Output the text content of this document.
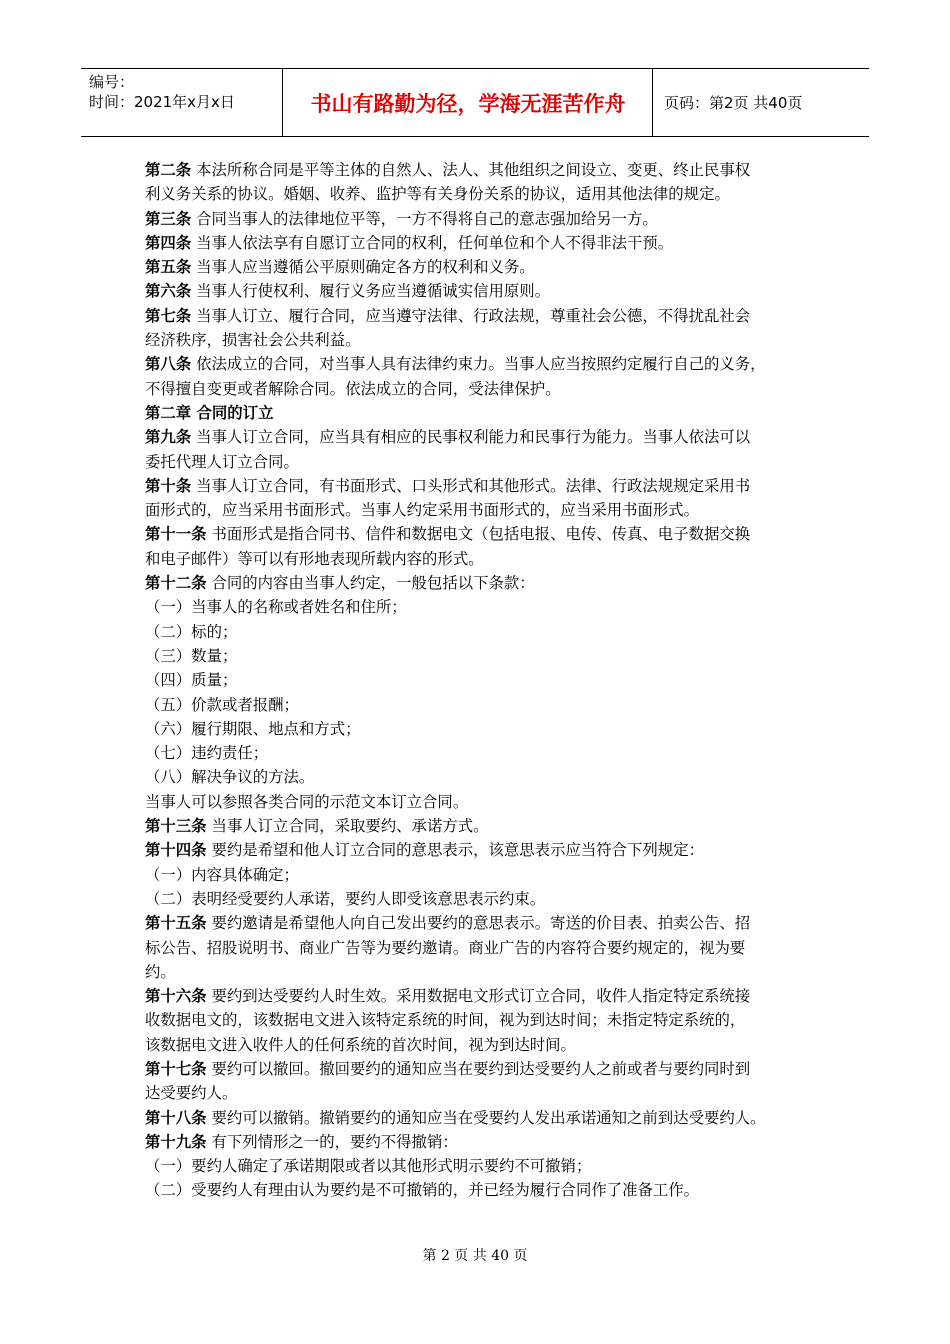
编号：
时间：2021年x月x日	书山有路勤为径，学海无涯苦作舟	页码：第2页 共40页
第二条 本法所称合同是平等主体的自然人、法人、其他组织之间设立、变更、终止民事权
利义务关系的协议。婚姻、收养、监护等有关身份关系的协议，适用其他法律的规定。
第三条 合同当事人的法律地位平等，一方不得将自己的意志强加给另一方。
第四条 当事人依法享有自愿订立合同的权利，任何单位和个人不得非法干预。
第五条 当事人应当遵循公平原则确定各方的权利和义务。
第六条 当事人行使权利、履行义务应当遵循诚实信用原则。
第七条 当事人订立、履行合同，应当遵守法律、行政法规，尊重社会公德，不得扰乱社会
经济秩序，损害社会公共利益。
第八条 依法成立的合同，对当事人具有法律约束力。当事人应当按照约定履行自己的义务，
不得擅自变更或者解除合同。依法成立的合同，受法律保护。
第二章 合同的订立
第九条 当事人订立合同，应当具有相应的民事权利能力和民事行为能力。当事人依法可以
委托代理人订立合同。
第十条 当事人订立合同，有书面形式、口头形式和其他形式。法律、行政法规规定采用书
面形式的，应当采用书面形式。当事人约定采用书面形式的，应当采用书面形式。
第十一条 书面形式是指合同书、信件和数据电文（包括电报、电传、传真、电子数据交换
和电子邮件）等可以有形地表现所载内容的形式。
第十二条 合同的内容由当事人约定，一般包括以下条款：
（一）当事人的名称或者姓名和住所；
（二）标的；
（三）数量；
（四）质量；
（五）价款或者报酬；
（六）履行期限、地点和方式；
（七）违约责任；
（八）解决争议的方法。
当事人可以参照各类合同的示范文本订立合同。
第十三条 当事人订立合同，采取要约、承诺方式。
第十四条 要约是希望和他人订立合同的意思表示，该意思表示应当符合下列规定：
（一）内容具体确定；
（二）表明经受要约人承诺，要约人即受该意思表示约束。
第十五条 要约邀请是希望他人向自己发出要约的意思表示。寄送的价目表、拍卖公告、招
标公告、招股说明书、商业广告等为要约邀请。商业广告的内容符合要约规定的，视为要
约。
第十六条 要约到达受要约人时生效。采用数据电文形式订立合同，收件人指定特定系统接
收数据电文的，该数据电文进入该特定系统的时间，视为到达时间；未指定特定系统的，
该数据电文进入收件人的任何系统的首次时间，视为到达时间。
第十七条 要约可以撤回。撤回要约的通知应当在要约到达受要约人之前或者与要约同时到
达受要约人。
第十八条 要约可以撤销。撤销要约的通知应当在受要约人发出承诺通知之前到达受要约人。
第十九条 有下列情形之一的，要约不得撤销：
（一）要约人确定了承诺期限或者以其他形式明示要约不可撤销；
（二）受要约人有理由认为要约是不可撤销的，并已经为履行合同作了准备工作。
第 2 页 共 40 页
